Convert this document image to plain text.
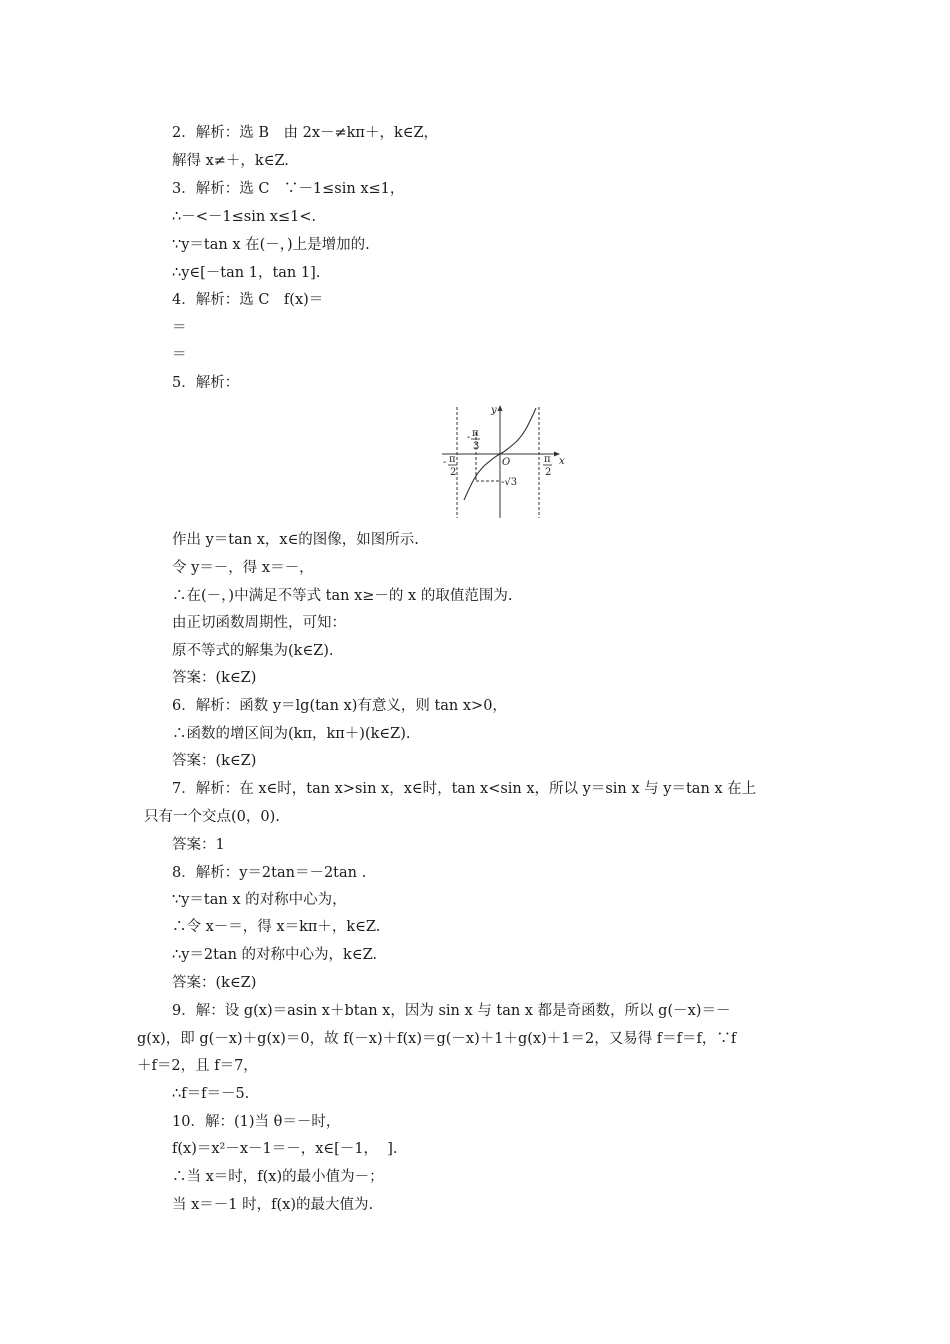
2．解析：选 B　由 2x－≠kπ＋，k∈Z，
解得 x≠＋，k∈Z.
3．解析：选 C　∵－1≤sin x≤1，
∴－<－1≤sin x≤1<.
∵y＝tan x 在(－，)上是增加的.
∴y∈[－tan 1，tan 1].
4．解析：选 C　f(x)＝
＝
＝
5．解析：
y
x
O
- π
3
- π
2
π
2
-√3
作出 y＝tan x，x∈的图像，如图所示.
令 y＝－，得 x＝－，
∴在(－，)中满足不等式 tan x≥－的 x 的取值范围为.
由正切函数周期性，可知：
原不等式的解集为(k∈Z).
答案：(k∈Z)
6．解析：函数 y＝lg(tan x)有意义，则 tan x>0，
∴函数的增区间为(kπ，kπ＋)(k∈Z).
答案：(k∈Z)
7．解析：在 x∈时，tan x>sin x，x∈时，tan x<sin x，所以 y＝sin x 与 y＝tan x 在上
只有一个交点(0，0).
答案：1
8．解析：y＝2tan＝－2tan .
∵y＝tan x 的对称中心为，
∴令 x－＝，得 x＝kπ＋，k∈Z.
∴y＝2tan 的对称中心为，k∈Z.
答案：(k∈Z)
9．解：设 g(x)＝asin x＋btan x，因为 sin x 与 tan x 都是奇函数，所以 g(－x)＝－
g(x)，即 g(－x)＋g(x)＝0，故 f(－x)＋f(x)＝g(－x)＋1＋g(x)＋1＝2，又易得 f＝f＝f，∵f
＋f＝2，且 f＝7，
∴f＝f＝－5.
10．解：(1)当 θ＝－时，
f(x)＝x²－x－1＝－，x∈[－1，  ].
∴当 x＝时，f(x)的最小值为－；
当 x＝－1 时，f(x)的最大值为.
